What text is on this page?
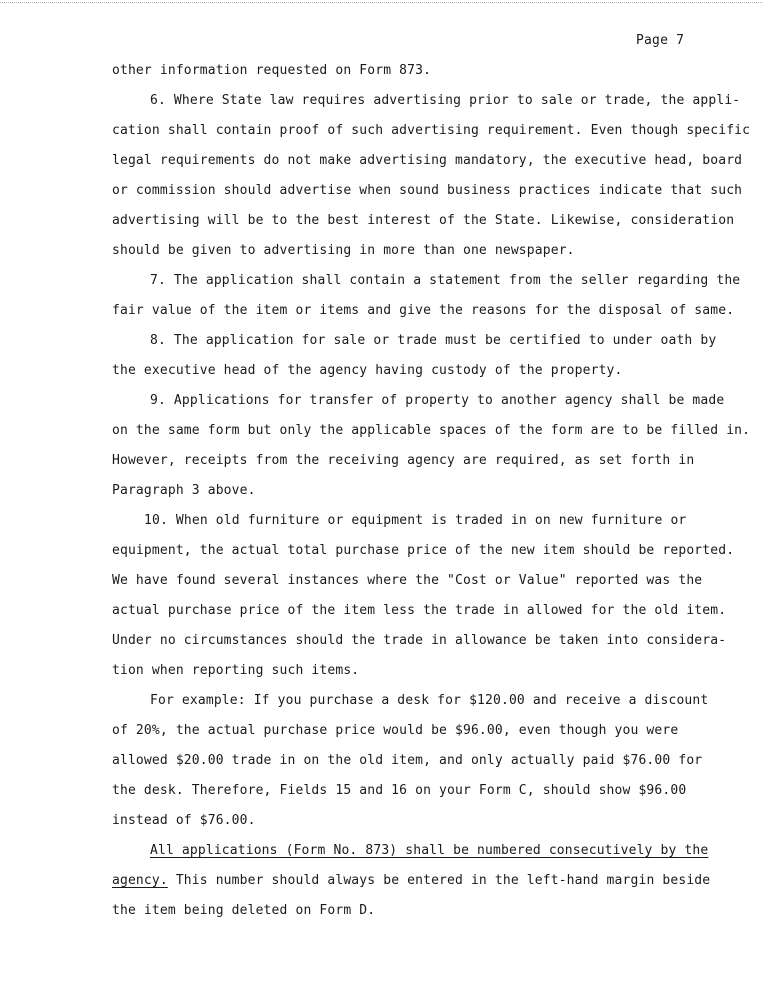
Page 7
other information requested on Form 873.
6. Where State law requires advertising prior to sale or trade, the appli-
cation shall contain proof of such advertising requirement. Even though specific
legal requirements do not make advertising mandatory, the executive head, board
or commission should advertise when sound business practices indicate that such
advertising will be to the best interest of the State. Likewise, consideration
should be given to advertising in more than one newspaper.
7. The application shall contain a statement from the seller regarding the
fair value of the item or items and give the reasons for the disposal of same.
8. The application for sale or trade must be certified to under oath by
the executive head of the agency having custody of the property.
9. Applications for transfer of property to another agency shall be made
on the same form but only the applicable spaces of the form are to be filled in.
However, receipts from the receiving agency are required, as set forth in
Paragraph 3 above.
10. When old furniture or equipment is traded in on new furniture or
equipment, the actual total purchase price of the new item should be reported.
We have found several instances where the "Cost or Value" reported was the
actual purchase price of the item less the trade in allowed for the old item.
Under no circumstances should the trade in allowance be taken into considera-
tion when reporting such items.
For example: If you purchase a desk for $120.00 and receive a discount
of 20%, the actual purchase price would be $96.00, even though you were
allowed $20.00 trade in on the old item, and only actually paid $76.00 for
the desk. Therefore, Fields 15 and 16 on your Form C, should show $96.00
instead of $76.00.
All applications (Form No. 873) shall be numbered consecutively by the
agency. This number should always be entered in the left-hand margin beside
the item being deleted on Form D.
